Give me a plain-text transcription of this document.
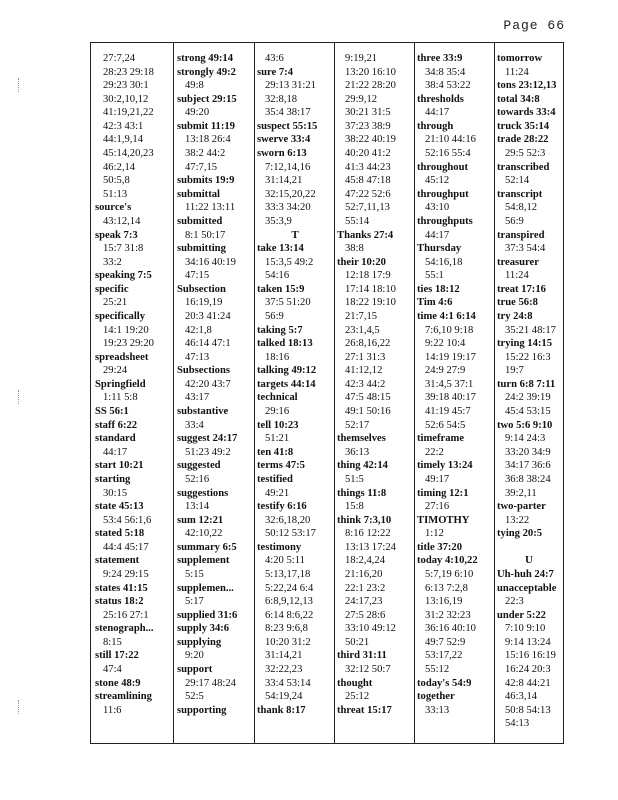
Page 66
27:7,24
28:23 29:18
29:23 30:1
30:2,10,12
41:19,21,22
42:3 43:1
44:1,9,14
45:14,20,23
46:2,14
50:5,8
51:13
source's
43:12,14
speak 7:3
15:7 31:8
33:2
speaking 7:5
specific
25:21
specifically
14:1 19:20
19:23 29:20
spreadsheet
29:24
Springfield
1:11 5:8
SS 56:1
staff 6:22
standard
44:17
start 10:21
starting
30:15
state 45:13
53:4 56:1,6
stated 5:18
44:4 45:17
statement
9:24 29:15
states 41:15
status 18:2
25:16 27:1
stenograph...
8:15
still 17:22
47:4
stone 48:9
streamlining
11:6
strong 49:14
strongly 49:2
49:8
subject 29:15
49:20
submit 11:19
13:18 26:4
38:2 44:2
47:7,15
submits 19:9
submittal
11:22 13:11
submitted
8:1 50:17
submitting
34:16 40:19
47:15
Subsection
16:19,19
20:3 41:24
42:1,8
46:14 47:1
47:13
Subsections
42:20 43:7
43:17
substantive
33:4
suggest 24:17
51:23 49:2
suggested
52:16
suggestions
13:14
sum 12:21
42:10,22
summary 6:5
supplement
5:15
supplemen...
5:17
supplied 31:6
supply 34:6
supplying
9:20
support
29:17 48:24
52:5
supporting
43:6
sure 7:4
29:13 31:21
32:8,18
35:4 38:17
suspect 55:15
swerve 33:4
sworn 6:13
7:12,14,16
31:14,21
32:15,20,22
33:3 34:20
35:3,9
T
take 13:14
15:3,5 49:2
54:16
taken 15:9
37:5 51:20
56:9
taking 5:7
talked 18:13
18:16
talking 49:12
targets 44:14
technical
29:16
tell 10:23
51:21
ten 41:8
terms 47:5
testified
49:21
testify 6:16
32:6,18,20
50:12 53:17
testimony
4:20 5:11
5:13,17,18
5:22,24 6:4
6:8,9,12,13
6:14 8:6,22
8:23 9:6,8
10:20 31:2
31:14,21
32:22,23
33:4 53:14
54:19,24
thank 8:17
9:19,21
13:20 16:10
21:22 28:20
29:9,12
30:21 31:5
37:23 38:9
38:22 40:19
40:20 41:2
41:3 44:23
45:8 47:18
47:22 52:6
52:7,11,13
55:14
Thanks 27:4
38:8
their 10:20
12:18 17:9
17:14 18:10
18:22 19:10
21:7,15
23:1,4,5
26:8,16,22
27:1 31:3
41:12,12
42:3 44:2
47:5 48:15
49:1 50:16
52:17
themselves
36:13
thing 42:14
51:5
things 11:8
15:8
think 7:3,10
8:16 12:22
13:13 17:24
18:2,4,24
21:16,20
22:1 23:2
24:17,23
27:5 28:6
33:10 49:12
50:21
third 31:11
32:12 50:7
thought
25:12
threat 15:17
three 33:9
34:8 35:4
38:4 53:22
thresholds
44:17
through
21:10 44:16
52:16 55:4
throughout
45:12
throughput
43:10
throughputs
44:17
Thursday
54:16,18
55:1
ties 18:12
Tim 4:6
time 4:1 6:14
7:6,10 9:18
9:22 10:4
14:19 19:17
24:9 27:9
31:4,5 37:1
39:18 40:17
41:19 45:7
52:6 54:5
timeframe
22:2
timely 13:24
49:17
timing 12:1
27:16
TIMOTHY
1:12
title 37:20
today 4:10,22
5:7,19 6:10
6:13 7:2,8
13:16,19
31:2 32:23
36:16 40:10
49:7 52:9
53:17,22
55:12
today's 54:9
together
33:13
tomorrow
11:24
tons 23:12,13
total 34:8
towards 33:4
truck 35:14
trade 28:22
29:5 52:3
transcribed
52:14
transcript
54:8,12
56:9
transpired
37:3 54:4
treasurer
11:24
treat 17:16
true 56:8
try 24:8
35:21 48:17
trying 14:15
15:22 16:3
19:7
turn 6:8 7:11
24:2 39:19
45:4 53:15
two 5:6 9:10
9:14 24:3
33:20 34:9
34:17 36:6
36:8 38:24
39:2,11
two-parter
13:22
tying 20:5
U
Uh-huh 24:7
unacceptable
22:3
under 5:22
7:10 9:10
9:14 13:24
15:16 16:19
16:24 20:3
42:8 44:21
46:3,14
50:8 54:13
54:13
